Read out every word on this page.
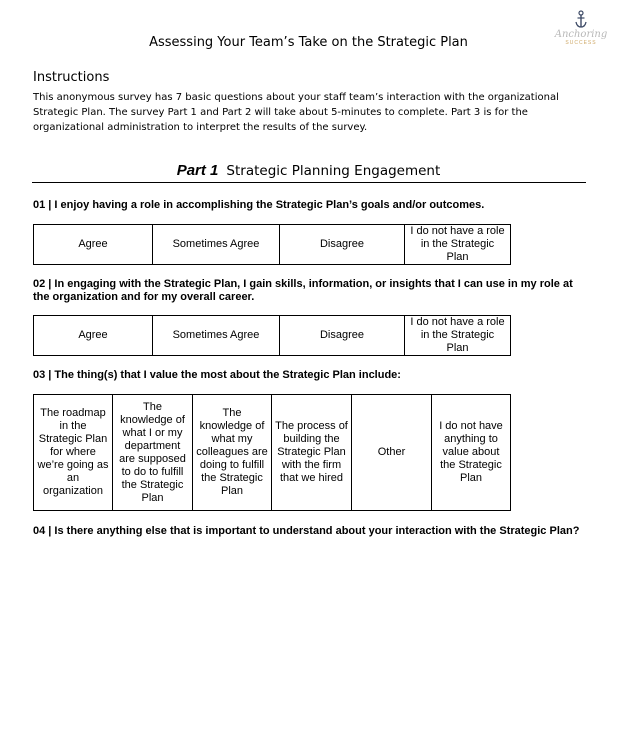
Anchoring
SUCCESS
Assessing Your Team’s Take on the Strategic Plan
Instructions
This anonymous survey has 7 basic questions about your staff team’s interaction with the organizational Strategic Plan. The survey Part 1 and Part 2 will take about 5-minutes to complete. Part 3 is for the organizational administration to interpret the results of the survey.
Part 1 Strategic Planning Engagement
01 | I enjoy having a role in accomplishing the Strategic Plan’s goals and/or outcomes.
Agree	Sometimes Agree	Disagree	I do not have a role in the Strategic Plan
02 | In engaging with the Strategic Plan, I gain skills, information, or insights that I can use in my role at the organization and for my overall career.
Agree	Sometimes Agree	Disagree	I do not have a role in the Strategic Plan
03 | The thing(s) that I value the most about the Strategic Plan include:
The roadmap in the Strategic Plan for where we’re going as an organization	The knowledge of what I or my department are supposed to do to fulfill the Strategic Plan	The knowledge of what my colleagues are doing to fulfill the Strategic Plan	The process of building the Strategic Plan with the firm that we hired	Other	I do not have anything to value about the Strategic Plan
04 | Is there anything else that is important to understand about your interaction with the Strategic Plan?
